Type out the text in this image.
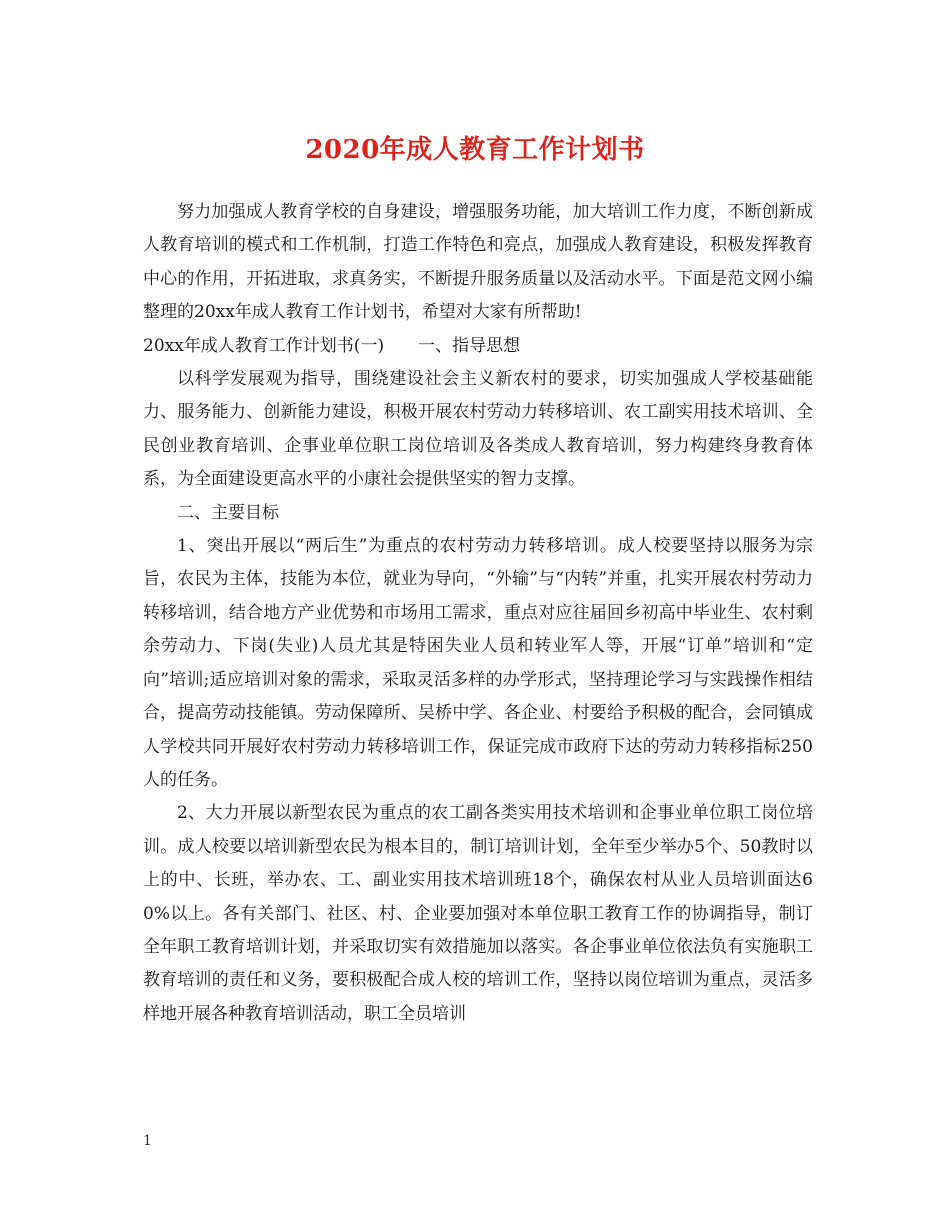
2020年成人教育工作计划书

努力加强成人教育学校的自身建设，增强服务功能，加大培训工作力度，不断创新成人教育培训的模式和工作机制，打造工作特色和亮点，加强成人教育建设，积极发挥教育中心的作用，开拓进取，求真务实，不断提升服务质量以及活动水平。下面是范文网小编整理的20xx年成人教育工作计划书，希望对大家有所帮助!

20xx年成人教育工作计划书(一) 一、指导思想

以科学发展观为指导，围绕建设社会主义新农村的要求，切实加强成人学校基础能力、服务能力、创新能力建设，积极开展农村劳动力转移培训、农工副实用技术培训、全民创业教育培训、企事业单位职工岗位培训及各类成人教育培训，努力构建终身教育体系，为全面建设更高水平的小康社会提供坚实的智力支撑。

二、主要目标

1、突出开展以“两后生”为重点的农村劳动力转移培训。成人校要坚持以服务为宗旨，农民为主体，技能为本位，就业为导向，“外输”与“内转”并重，扎实开展农村劳动力转移培训，结合地方产业优势和市场用工需求，重点对应往届回乡初高中毕业生、农村剩余劳动力、下岗(失业)人员尤其是特困失业人员和转业军人等，开展“订单”培训和“定向”培训;适应培训对象的需求，采取灵活多样的办学形式，坚持理论学习与实践操作相结合，提高劳动技能镇。劳动保障所、吴桥中学、各企业、村要给予积极的配合，会同镇成人学校共同开展好农村劳动力转移培训工作，保证完成市政府下达的劳动力转移指标250人的任务。

2、大力开展以新型农民为重点的农工副各类实用技术培训和企事业单位职工岗位培训。成人校要以培训新型农民为根本目的，制订培训计划，全年至少举办5个、50教时以上的中、长班，举办农、工、副业实用技术培训班18个，确保农村从业人员培训面达60%以上。各有关部门、社区、村、企业要加强对本单位职工教育工作的协调指导，制订全年职工教育培训计划，并采取切实有效措施加以落实。各企事业单位依法负有实施职工教育培训的责任和义务，要积极配合成人校的培训工作，坚持以岗位培训为重点，灵活多样地开展各种教育培训活动，职工全员培训

1
